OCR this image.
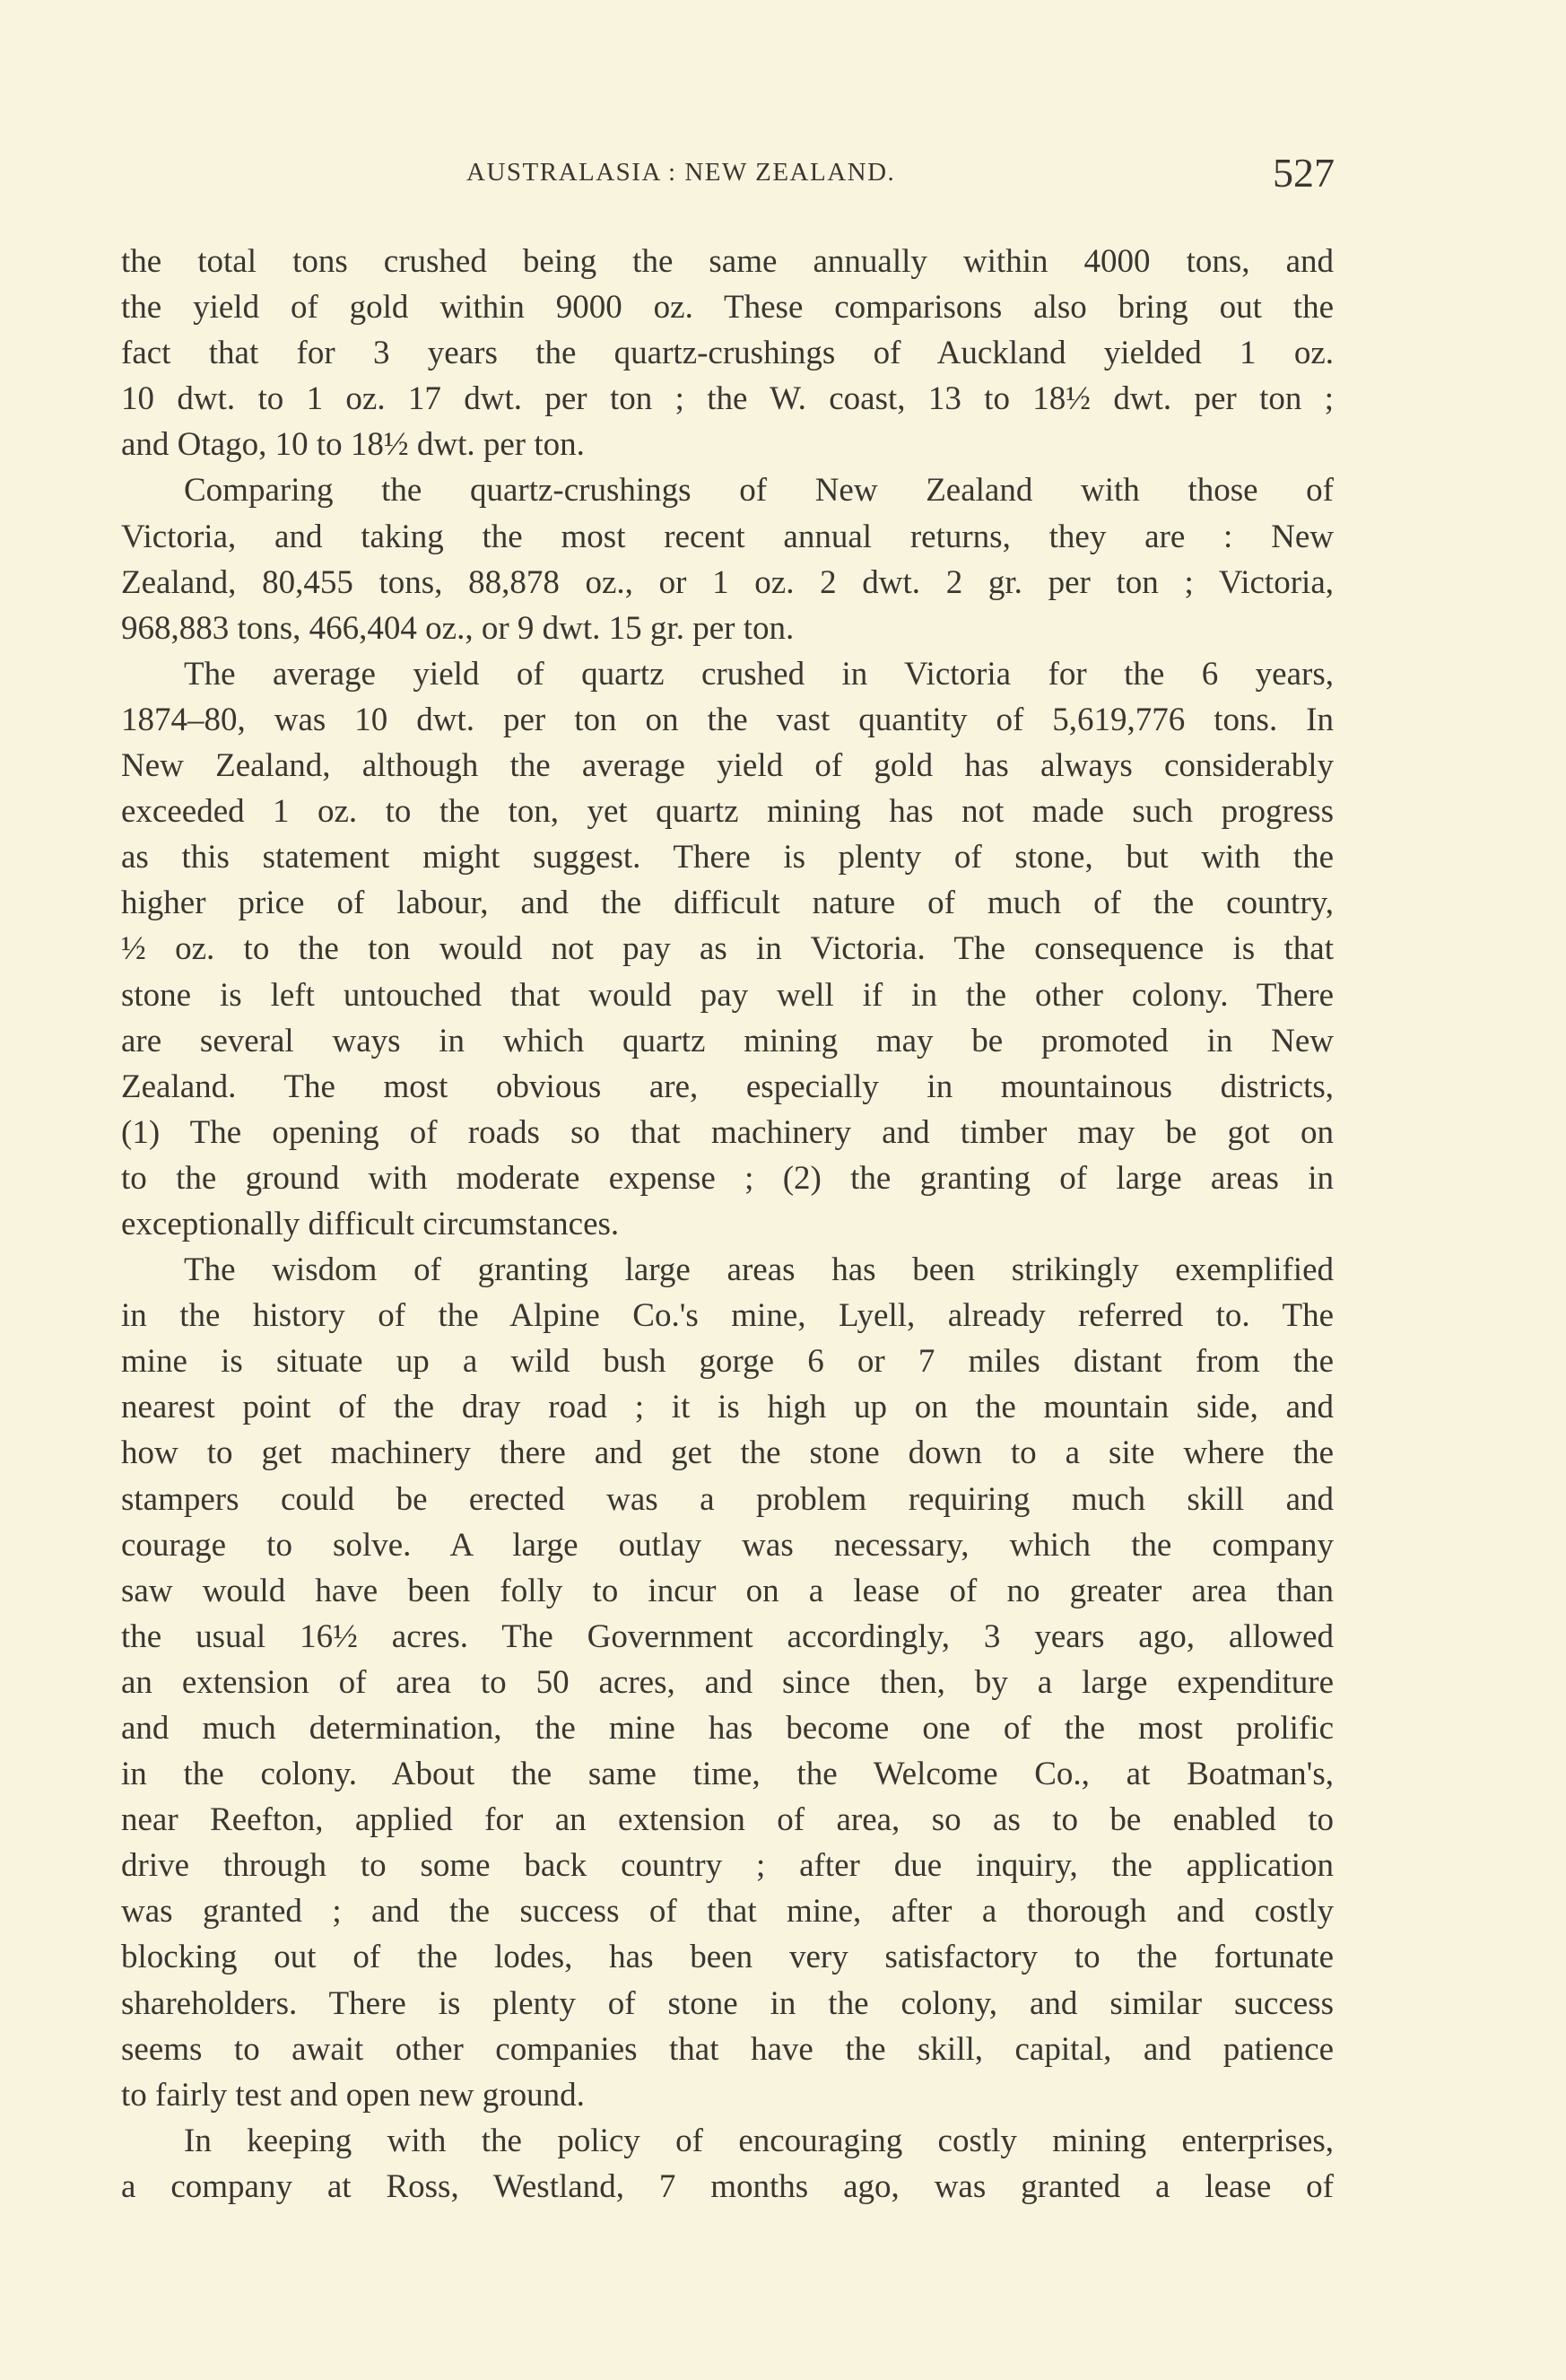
AUSTRALASIA : NEW ZEALAND.	527
the total tons crushed being the same annually within 4000 tons, and
the yield of gold within 9000 oz. These comparisons also bring out the
fact that for 3 years the quartz-crushings of Auckland yielded 1 oz.
10 dwt. to 1 oz. 17 dwt. per ton ; the W. coast, 13 to 18½ dwt. per ton ;
and Otago, 10 to 18½ dwt. per ton.
Comparing the quartz-crushings of New Zealand with those of
Victoria, and taking the most recent annual returns, they are : New
Zealand, 80,455 tons, 88,878 oz., or 1 oz. 2 dwt. 2 gr. per ton ; Victoria,
968,883 tons, 466,404 oz., or 9 dwt. 15 gr. per ton.
The average yield of quartz crushed in Victoria for the 6 years,
1874–80, was 10 dwt. per ton on the vast quantity of 5,619,776 tons. In
New Zealand, although the average yield of gold has always considerably
exceeded 1 oz. to the ton, yet quartz mining has not made such progress
as this statement might suggest. There is plenty of stone, but with the
higher price of labour, and the difficult nature of much of the country,
½ oz. to the ton would not pay as in Victoria. The consequence is that
stone is left untouched that would pay well if in the other colony. There
are several ways in which quartz mining may be promoted in New
Zealand. The most obvious are, especially in mountainous districts,
(1) The opening of roads so that machinery and timber may be got on
to the ground with moderate expense ; (2) the granting of large areas in
exceptionally difficult circumstances.
The wisdom of granting large areas has been strikingly exemplified
in the history of the Alpine Co.'s mine, Lyell, already referred to. The
mine is situate up a wild bush gorge 6 or 7 miles distant from the
nearest point of the dray road ; it is high up on the mountain side, and
how to get machinery there and get the stone down to a site where the
stampers could be erected was a problem requiring much skill and
courage to solve. A large outlay was necessary, which the company
saw would have been folly to incur on a lease of no greater area than
the usual 16½ acres. The Government accordingly, 3 years ago, allowed
an extension of area to 50 acres, and since then, by a large expenditure
and much determination, the mine has become one of the most prolific
in the colony. About the same time, the Welcome Co., at Boatman's,
near Reefton, applied for an extension of area, so as to be enabled to
drive through to some back country ; after due inquiry, the application
was granted ; and the success of that mine, after a thorough and costly
blocking out of the lodes, has been very satisfactory to the fortunate
shareholders. There is plenty of stone in the colony, and similar success
seems to await other companies that have the skill, capital, and patience
to fairly test and open new ground.
In keeping with the policy of encouraging costly mining enterprises,
a company at Ross, Westland, 7 months ago, was granted a lease of
